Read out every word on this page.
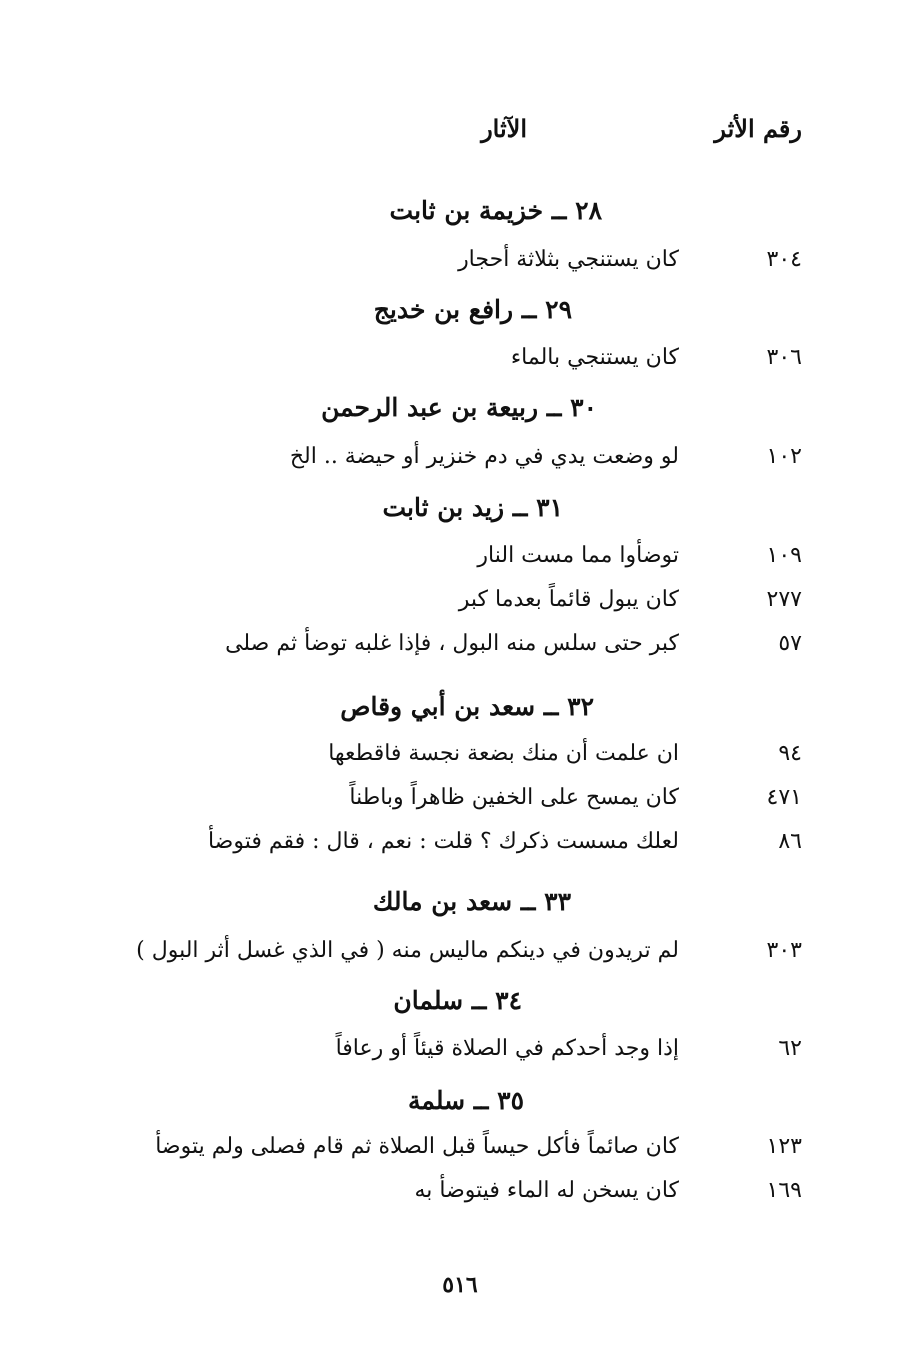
رقم الأثر
الآثار
٢٨ ــ خزيمة بن ثابت
٣٠٤
كان يستنجي بثلاثة أحجار
٢٩ ــ رافع بن خديج
٣٠٦
كان يستنجي بالماء
٣٠ ــ ربيعة بن عبد الرحمن
١٠٢
لو وضعت يدي في دم خنزير أو حيضة .. الخ
٣١ ــ زيد بن ثابت
١٠٩
توضأوا مما مست النار
٢٧٧
كان يبول قائماً بعدما كبر
٥٧
كبر حتى سلس منه البول ، فإذا غلبه توضأ ثم صلى
٣٢ ــ سعد بن أبي وقاص
٩٤
ان علمت أن منك بضعة نجسة فاقطعها
٤٧١
كان يمسح على الخفين ظاهراً وباطناً
٨٦
لعلك مسست ذكرك ؟ قلت : نعم ، قال : فقم فتوضأ
٣٣ ــ سعد بن مالك
٣٠٣
لم تريدون في دينكم ماليس منه ( في الذي غسل أثر البول )
٣٤ ــ سلمان
٦٢
إذا وجد أحدكم في الصلاة قيئاً أو رعافاً
٣٥ ــ سلمة
١٢٣
كان صائماً فأكل حيساً قبل الصلاة ثم قام فصلى ولم يتوضأ
١٦٩
كان يسخن له الماء فيتوضأ به
٥١٦
